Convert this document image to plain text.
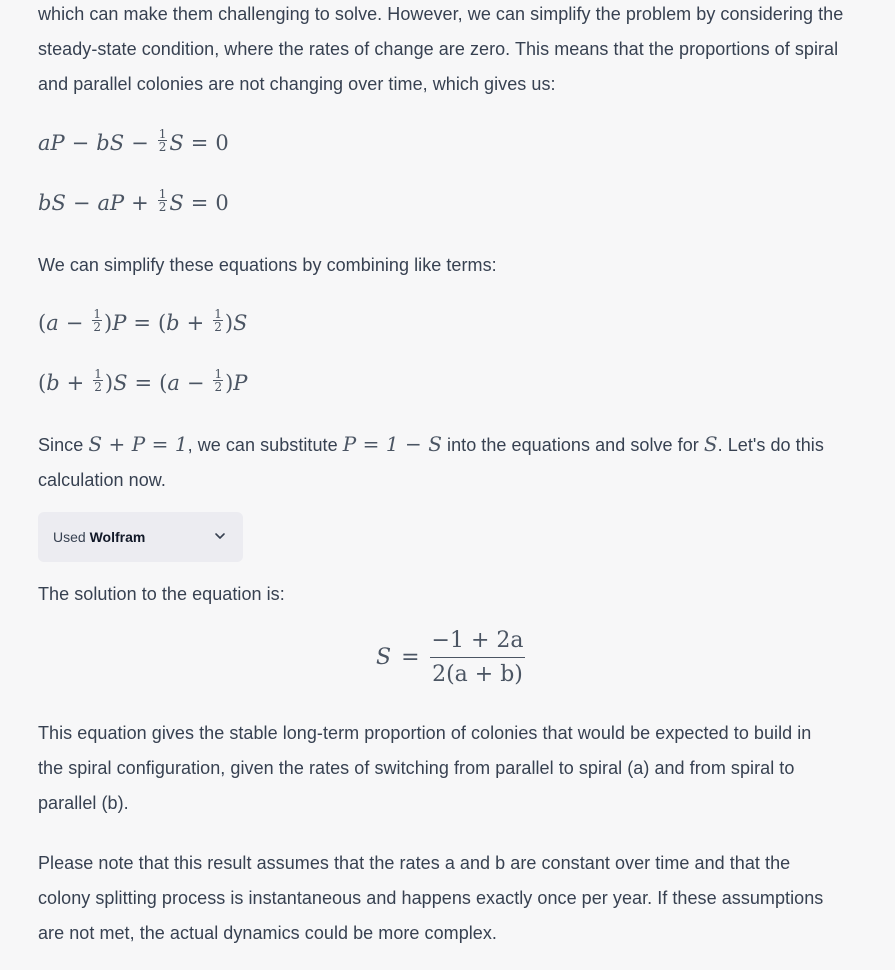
which can make them challenging to solve. However, we can simplify the problem by considering the steady-state condition, where the rates of change are zero. This means that the proportions of spiral and parallel colonies are not changing over time, which gives us:

a P − b $S - \frac{1}{2}$ S = 0
b S − a $P + \frac{1}{2}$ S = 0

We can simplify these equations by combining like terms:

( $a - \frac{1}{2}$ ) P = ( $b + \frac{1}{2}$ ) S
( $b + \frac{1}{2}$ ) S = ( $a - \frac{1}{2}$ ) P

Since S + P = 1, we can substitute P = 1 − S into the equations and solve for S. Let's do this calculation now.

Used Wolfram

The solution to the equation is:

$S = \frac{-1 + 2a}{2(a + b)}$

This equation gives the stable long-term proportion of colonies that would be expected to build in the spiral configuration, given the rates of switching from parallel to spiral (a) and from spiral to parallel (b).

Please note that this result assumes that the rates a and b are constant over time and that the colony splitting process is instantaneous and happens exactly once per year. If these assumptions are not met, the actual dynamics could be more complex.
